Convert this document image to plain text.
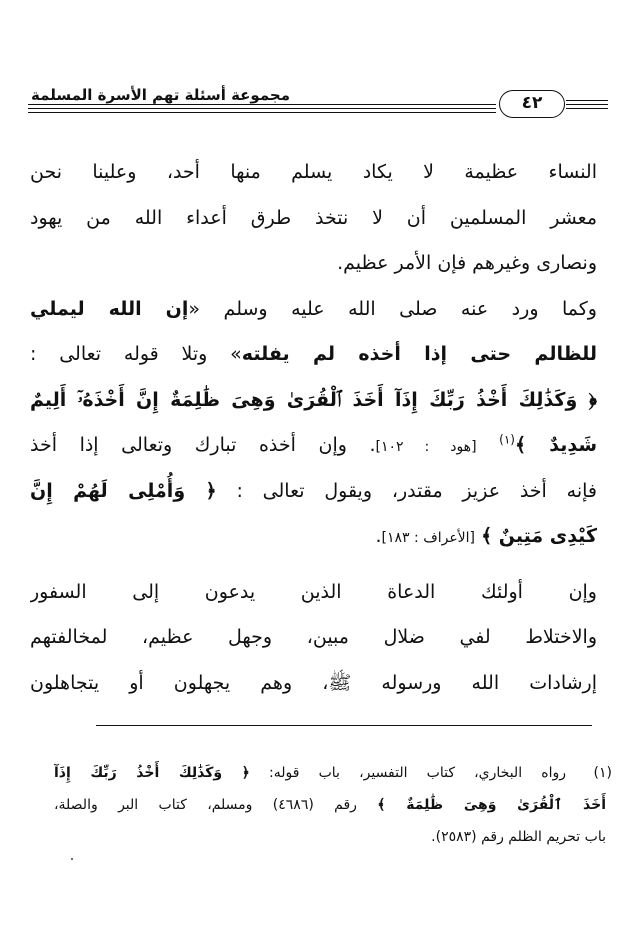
مجموعة أسئلة تهم الأسرة المسلمة	٤٢
النساء عظيمة لا يكاد يسلم منها أحد، وعلينا نحن
معشر المسلمين أن لا نتخذ طرق أعداء الله من يهود
ونصارى وغيرهم فإن الأمر عظيم.
وكما ورد عنه صلى الله عليه وسلم «إن الله ليملي
للظالم حتى إذا أخذه لم يفلته» وتلا قوله تعالى :
﴿ وَكَذَٰلِكَ أَخْذُ رَبِّكَ إِذَآ أَخَذَ ٱلْقُرَىٰ وَهِىَ ظَٰلِمَةٌ إِنَّ أَخْذَهُۥٓ أَلِيمٌ
شَدِيدٌ ﴾$^{(١)}$ [هود : ١٠٢]. وإن أخذه تبارك وتعالى إذا أخذ
فإنه أخذ عزيز مقتدر، ويقول تعالى : ﴿ وَأُمْلِى لَهُمْ إِنَّ
كَيْدِى مَتِينٌ ﴾ [الأعراف : ١٨٣].
وإن أولئك الدعاة الذين يدعون إلى السفور
والاختلاط لفي ضلال مبين، وجهل عظيم، لمخالفتهم
إرشادات الله ورسوله ﷺ، وهم يجهلون أو يتجاهلون
(١)
رواه البخاري، كتاب التفسير، باب قوله: ﴿ وَكَذَٰلِكَ أَخْذُ رَبِّكَ إِذَآ
أَخَذَ ٱلْقُرَىٰ وَهِىَ ظَٰلِمَةٌ ﴾ رقم (٤٦٨٦) ومسلم، كتاب البر والصلة،
باب تحريم الظلم رقم (٢٥٨٣).
